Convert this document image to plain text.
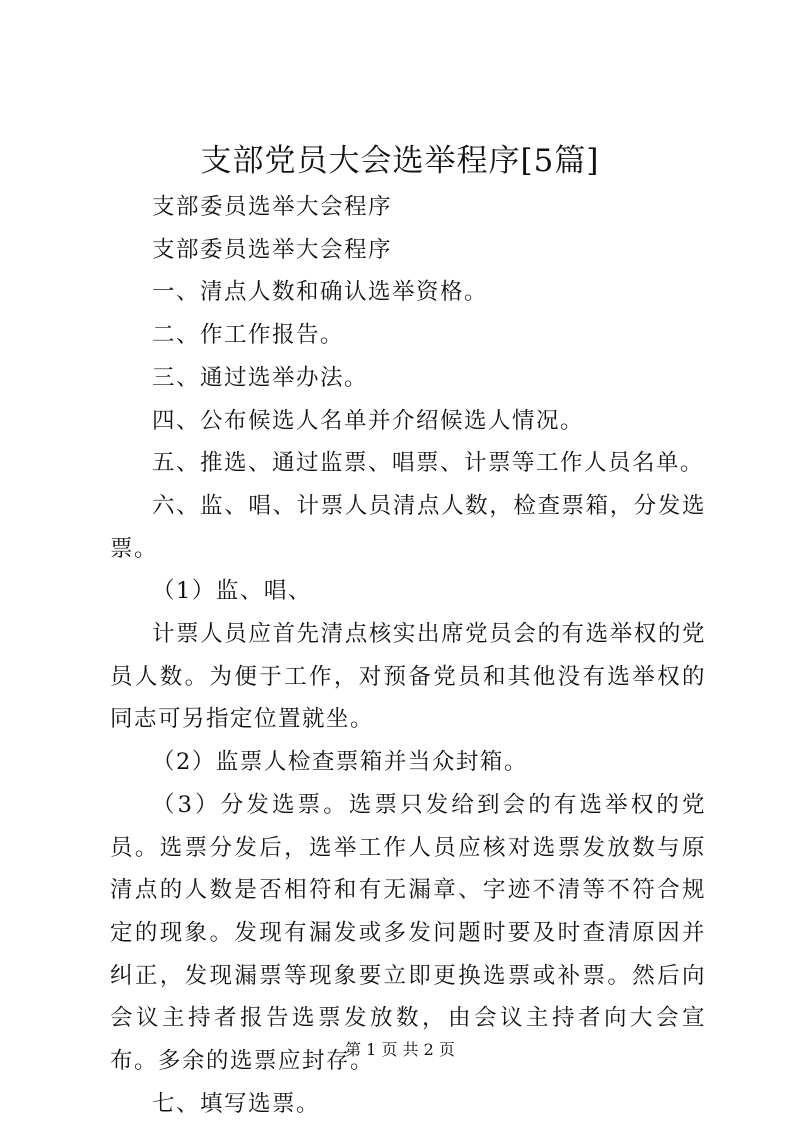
支部党员大会选举程序[5篇]

支部委员选举大会程序

支部委员选举大会程序

一、清点人数和确认选举资格。

二、作工作报告。

三、通过选举办法。

四、公布候选人名单并介绍候选人情况。

五、推选、通过监票、唱票、计票等工作人员名单。

六、监、唱、计票人员清点人数，检查票箱，分发选票。

（1）监、唱、

计票人员应首先清点核实出席党员会的有选举权的党员人数。为便于工作，对预备党员和其他没有选举权的同志可另指定位置就坐。

（2）监票人检查票箱并当众封箱。

（3）分发选票。选票只发给到会的有选举权的党员。选票分发后，选举工作人员应核对选票发放数与原清点的人数是否相符和有无漏章、字迹不清等不符合规定的现象。发现有漏发或多发问题时要及时查清原因并纠正，发现漏票等现象要立即更换选票或补票。然后向会议主持者报告选票发放数，由会议主持者向大会宣布。多余的选票应封存。

七、填写选票。

第 1 页 共 2 页
